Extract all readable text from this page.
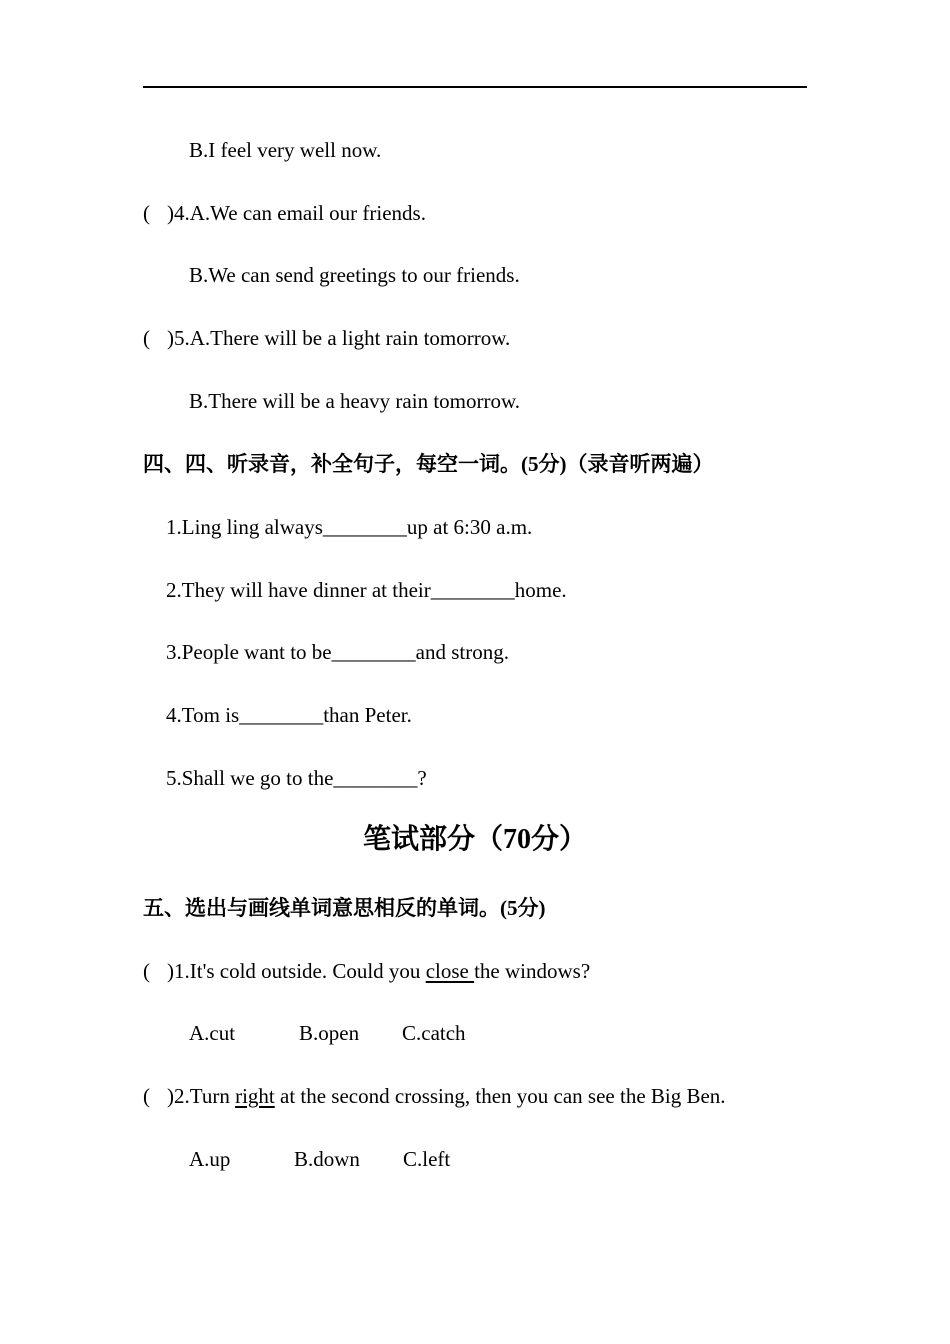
B.I feel very well now.
( )4.A.We can email our friends.
B.We can send greetings to our friends.
( )5.A.There will be a light rain tomorrow.
B.There will be a heavy rain tomorrow.
四、四、听录音，补全句子，每空一词。(5分)（录音听两遍）
1.Ling ling always________up at 6:30 a.m.
2.They will have dinner at their________home.
3.People want to be________and strong.
4.Tom is________than Peter.
5.Shall we go to the________?
笔试部分（70分）
五、选出与画线单词意思相反的单词。(5分)
( )1.It's cold outside. Could you close the windows?
A.cut	B.open C.catch
( )2.Turn right at the second crossing, then you can see the Big Ben.
A.up	B.down C.left
